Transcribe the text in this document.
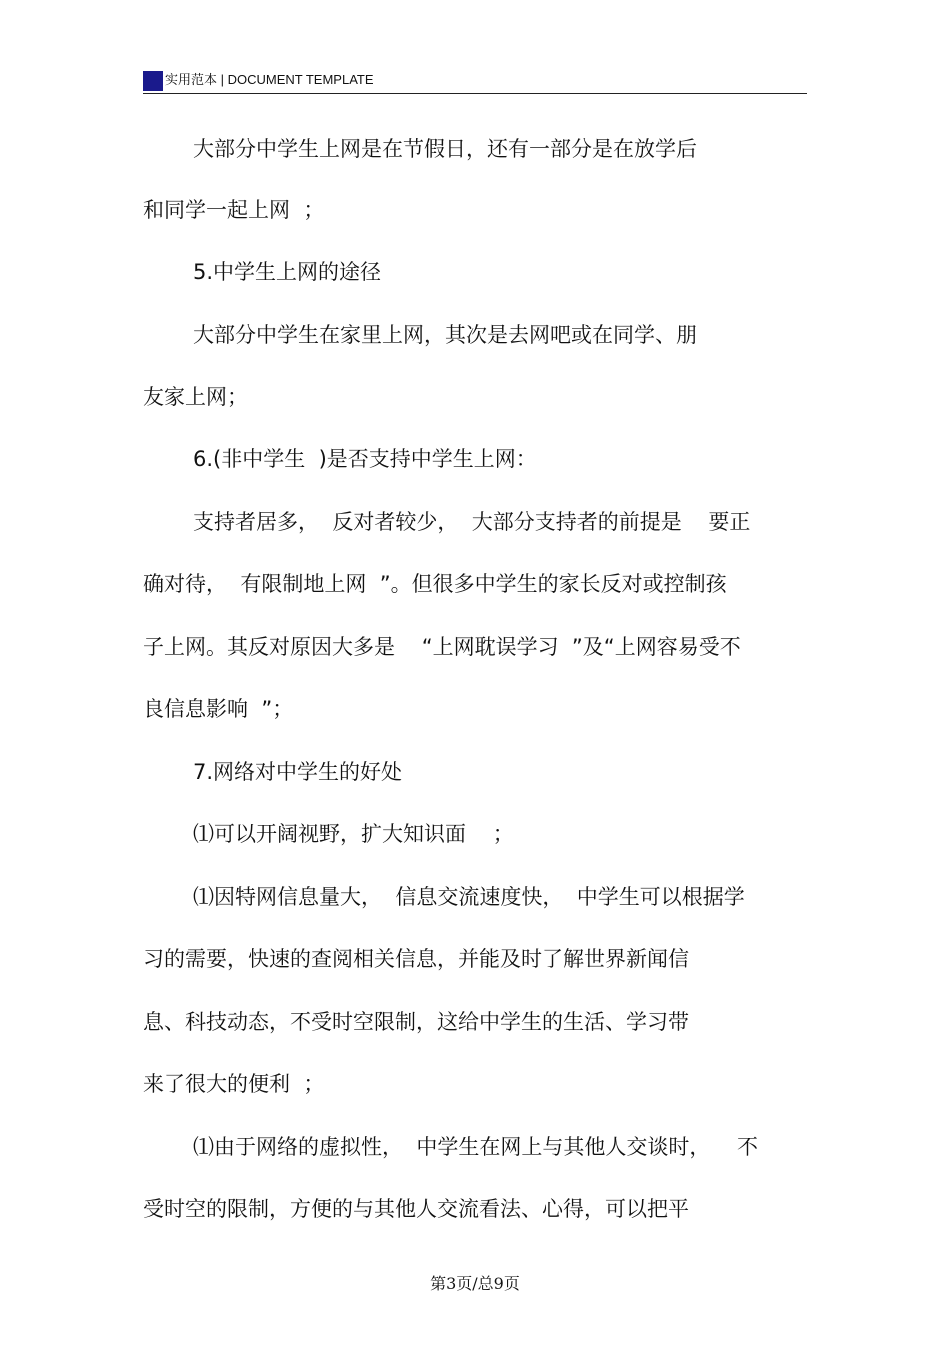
实用范本 | DOCUMENT TEMPLATE
大部分中学生上网是在节假日，还有一部分是在放学后
和同学一起上网  ；
5.中学生上网的途径
大部分中学生在家里上网，其次是去网吧或在同学、朋
友家上网；
6.(非中学生  )是否支持中学生上网：
支持者居多，  反对者较少，  大部分支持者的前提是    要正
确对待，  有限制地上网  ”。但很多中学生的家长反对或控制孩
子上网。其反对原因大多是    “上网耽误学习  ”及“上网容易受不
良信息影响  ”；
7.网络对中学生的好处
⑴可以开阔视野，扩大知识面    ；
⑴因特网信息量大，  信息交流速度快，  中学生可以根据学
习的需要，快速的查阅相关信息，并能及时了解世界新闻信
息、科技动态，不受时空限制，这给中学生的生活、学习带
来了很大的便利  ；
⑴由于网络的虚拟性，  中学生在网上与其他人交谈时，    不
受时空的限制，方便的与其他人交流看法、心得，可以把平
第3页/总9页
